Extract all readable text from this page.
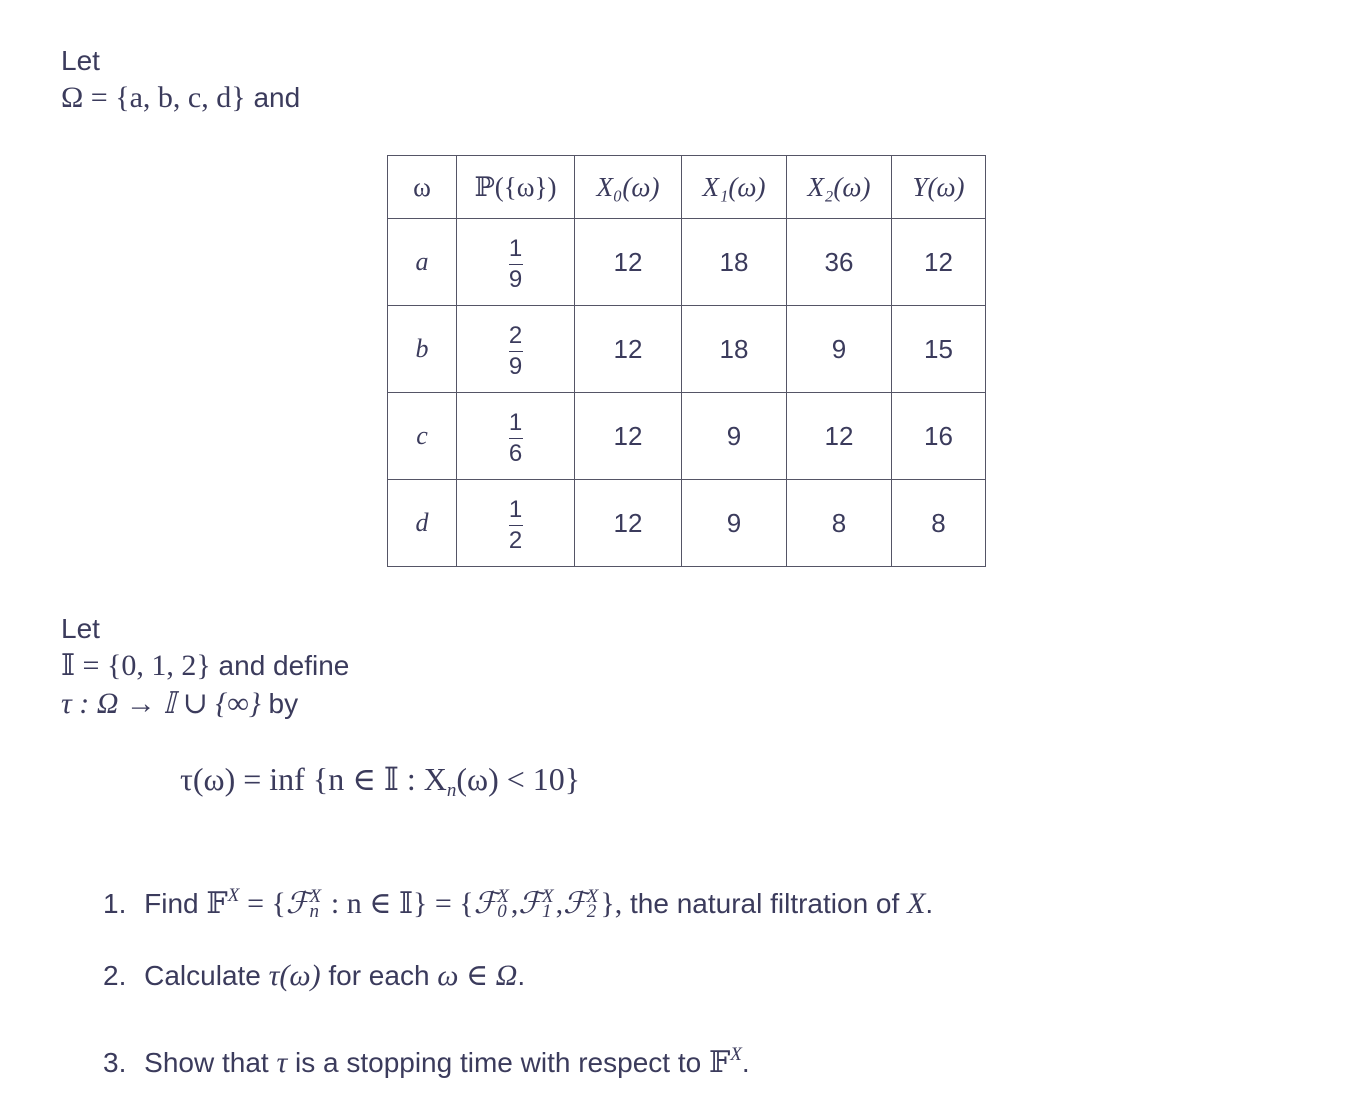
Let
Ω = {a, b, c, d} and
ω	ℙ({ω})	X₀(ω)	X₁(ω)	X₂(ω)	Y(ω)
a	$\frac{1}{9}$	12	18	36	12
b	$\frac{2}{9}$	12	18	9	15
c	$\frac{1}{6}$	12	9	12	16
d	$\frac{1}{2}$	12	9	8	8
Let
𝕀 = {0, 1, 2} and define
τ : Ω → 𝕀 ∪ {∞} by
τ(ω) = inf {n ∈ 𝕀 : $X_n(\omega) < 10$}
1. Find 𝔽$^X$ = {ℱ X
n : n ∈ 𝕀} = {ℱ X
0 ,ℱ X
1 ,ℱ X
2 }, the natural filtration of X.
2. Calculate τ(ω) for each ω ∈ Ω.
3. Show that τ is a stopping time with respect to 𝔽$^X$.
